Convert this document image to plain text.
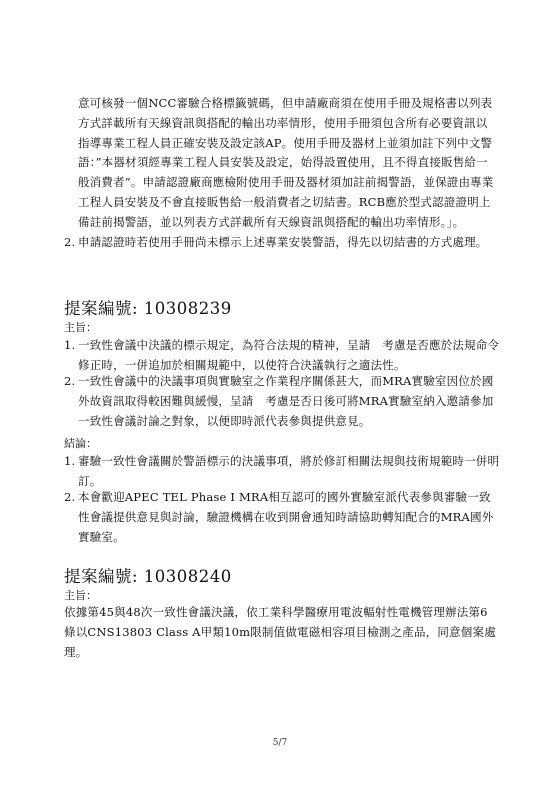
意可核發一個NCC審驗合格標籤號碼，但申請廠商須在使用手冊及規格書以列表方式詳載所有天線資訊與搭配的輸出功率情形，使用手冊須包含所有必要資訊以指導專業工程人員正確安裝及設定該AP。使用手冊及器材上並須加註下列中文警語：”本器材須經專業工程人員安裝及設定，始得設置使用，且不得直接販售給一般消費者”。申請認證廠商應檢附使用手冊及器材須加註前揭警語，並保證由專業工程人員安裝及不會直接販售給一般消費者之切結書。RCB應於型式認證證明上備註前揭警語，並以列表方式詳載所有天線資訊與搭配的輸出功率情形。」。
2. 申請認證時若使用手冊尚未標示上述專業安裝警語，得先以切結書的方式處理。
提案編號: 10308239
主旨：
1. 一致性會議中決議的標示規定，為符合法規的精神，呈請　考慮是否應於法規命令修正時，一併追加於相關規範中，以使符合決議執行之適法性。
2. 一致性會議中的決議事項與實驗室之作業程序關係甚大，而MRA實驗室因位於國外故資訊取得較困難與緩慢，呈請　考慮是否日後可將MRA實驗室納入邀請參加一致性會議討論之對象，以便即時派代表參與提供意見。
結論：
1. 審驗一致性會議關於警語標示的決議事項，將於修訂相關法規與技術規範時一併明訂。
2. 本會歡迎APEC TEL Phase I MRA相互認可的國外實驗室派代表參與審驗一致性會議提供意見與討論，驗證機構在收到開會通知時請協助轉知配合的MRA國外實驗室。
提案編號: 10308240
主旨：
依據第45與48次一致性會議決議，依工業科學醫療用電波輻射性電機管理辦法第6條以CNS13803 Class A甲類10m限制值做電磁相容項目檢測之產品，同意個案處理。
5/7
